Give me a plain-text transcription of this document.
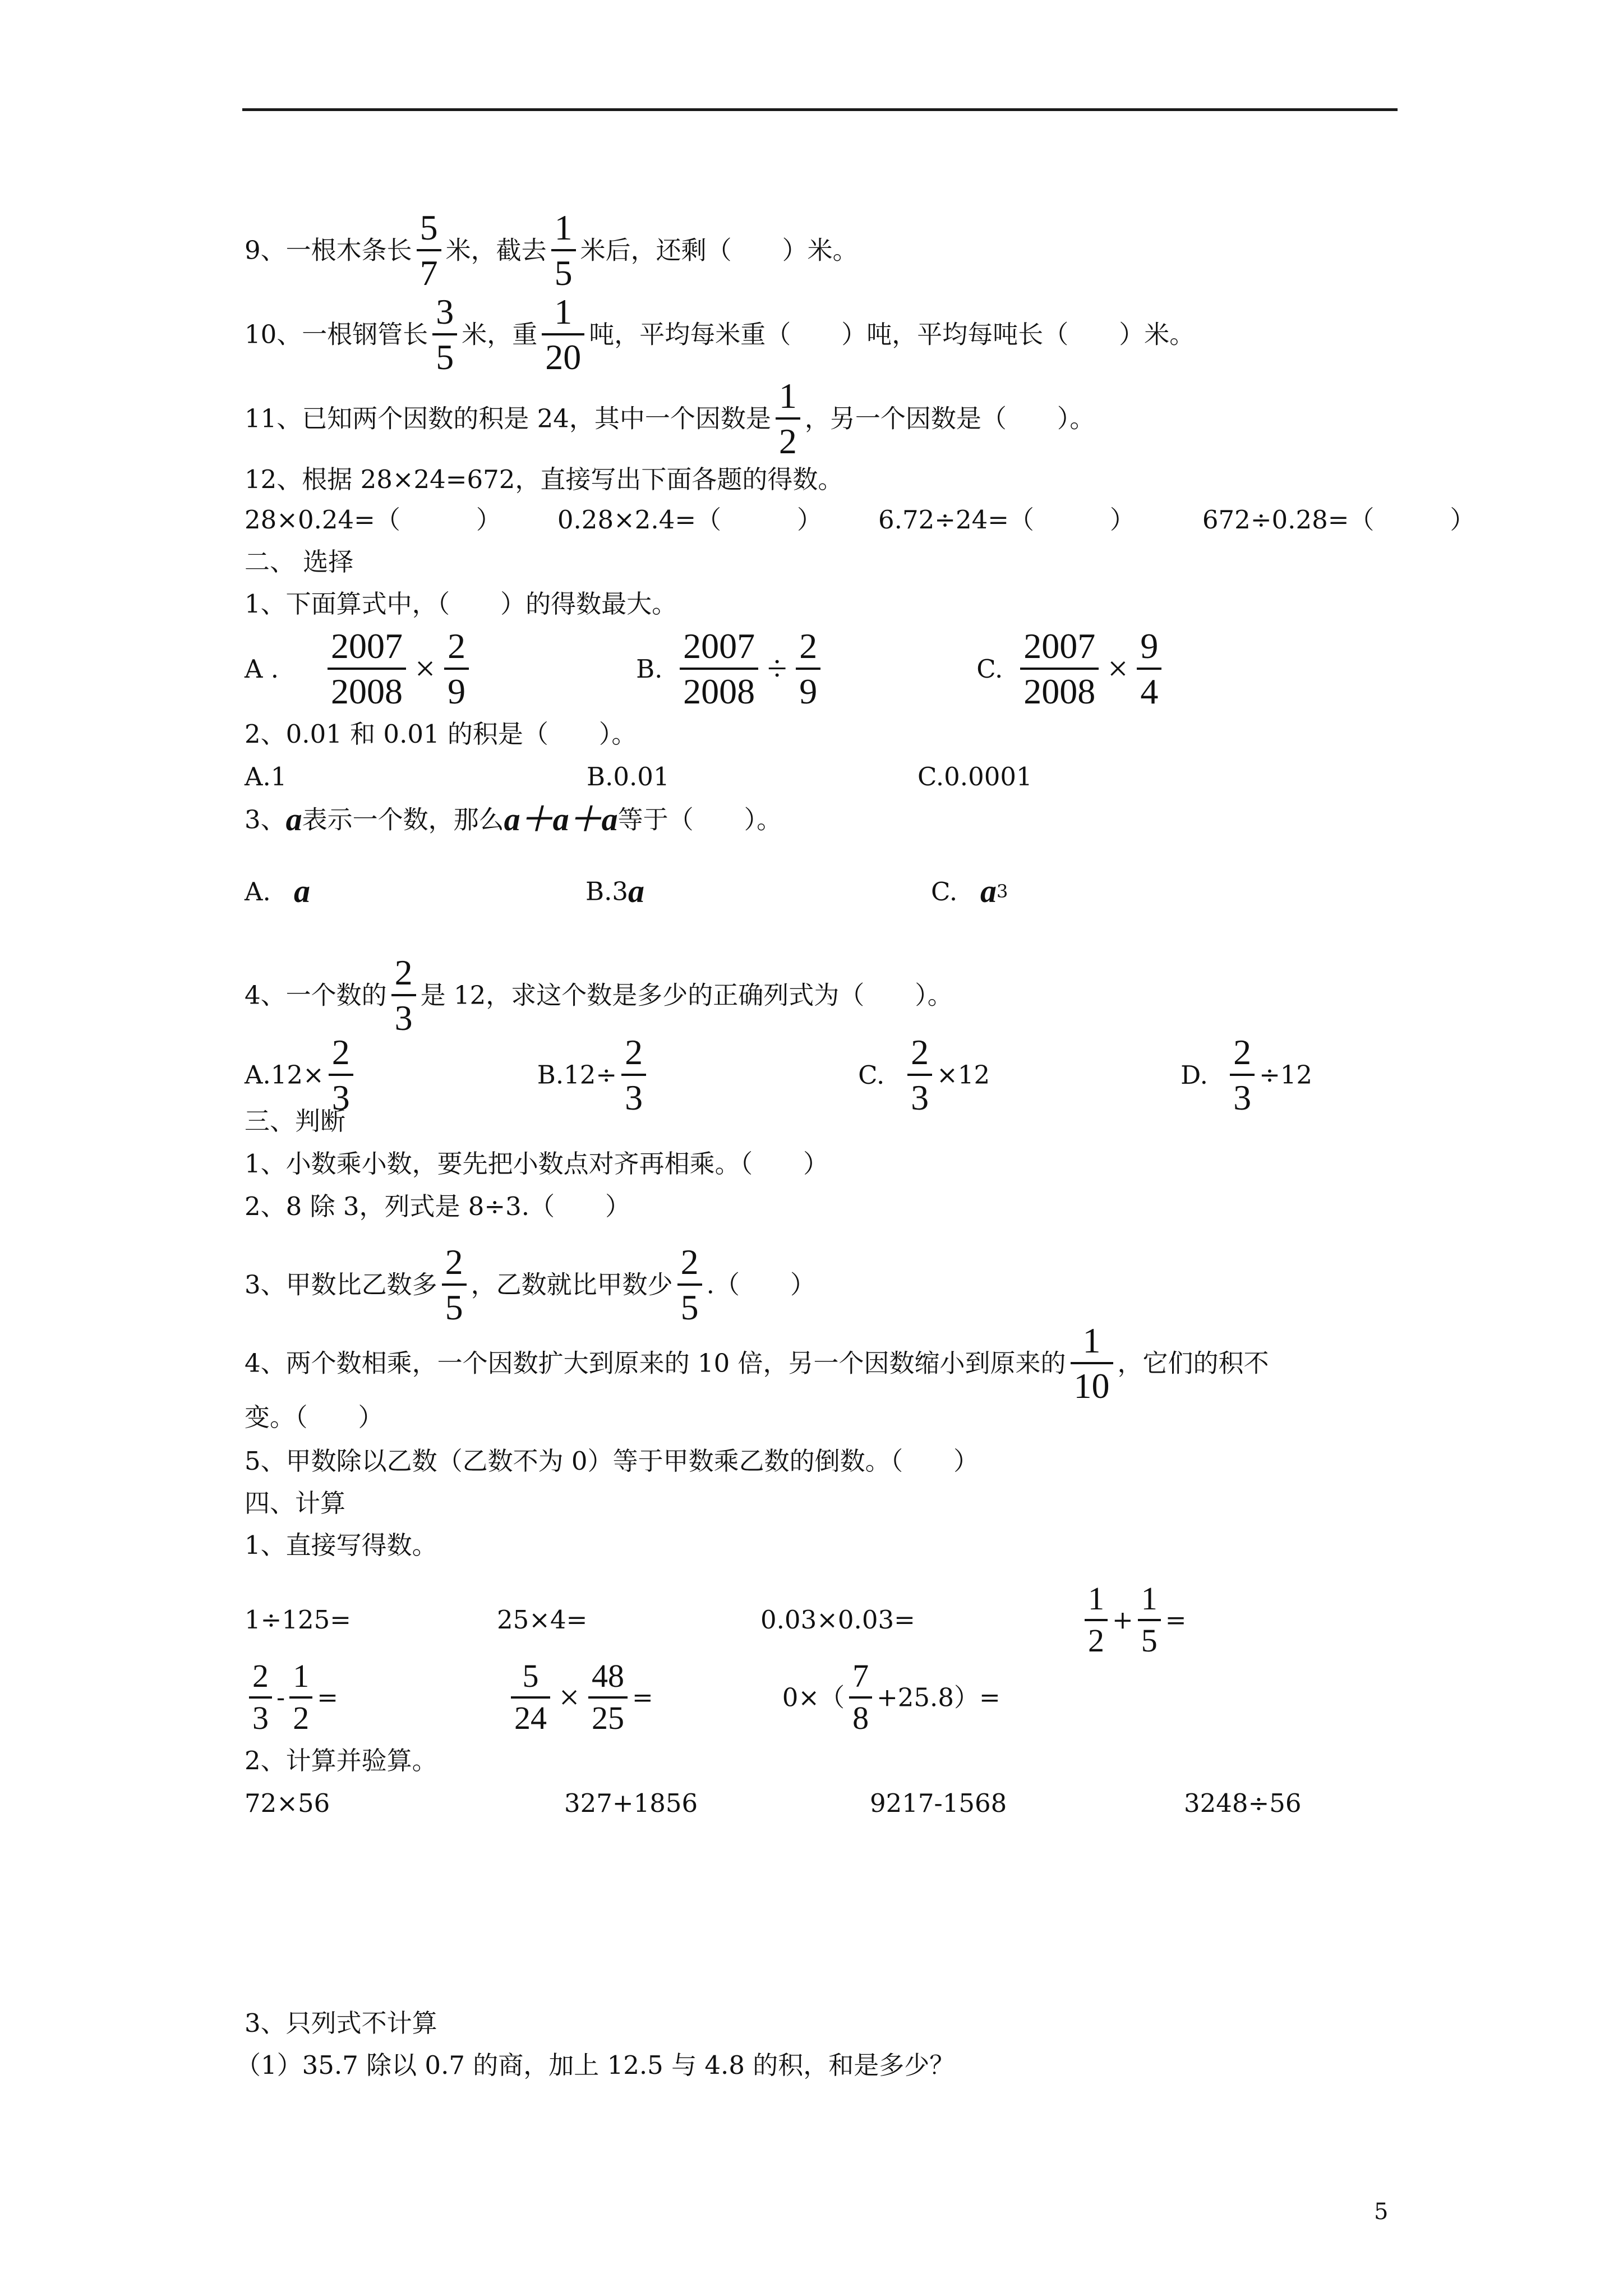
9、一根木条长 $\frac{5}{7}$ 米，截去 $\frac{1}{5}$ 米后，还剩（　　）米。
10、一根钢管长 $\frac{3}{5}$ 米，重 $\frac{1}{20}$ 吨，平均每米重（　　）吨，平均每吨长（　　）米。
11、已知两个因数的积是 24，其中一个因数是 $\frac{1}{2}$ ，另一个因数是（　　）。
12、根据 28×24=672，直接写出下面各题的得数。
28×0.24=（　　　） 0.28×2.4=（　　　） 6.72÷24=（　　　）	672÷0.28=（　　　）
二、 选择
1、下面算式中，（　　）的得数最大。
A . $\frac{2007}{2008} \times \frac{2}{9}$	B. $\frac{2007}{2008} \div \frac{2}{9}$	C. $\frac{2007}{2008} \times \frac{9}{4}$
2、0.01 和 0.01 的积是（　　）。
A.1	B.0.01	C.0.0001
3、a表示一个数，那么a＋a＋a等于（　　）。
A. a	B.3a	C. a3
4、一个数的 $\frac{2}{3}$ 是 12，求这个数是多少的正确列式为（　　）。
$A.12\times \frac{2}{3}$	$B.12\div \frac{2}{3}$	C. $\frac{2}{3} \times 12$	D. $\frac{2}{3} \div 12$
三、判断
1、小数乘小数，要先把小数点对齐再相乘。（　　）
2、8 除 3，列式是 8÷3.（　　）
3、甲数比乙数多 $\frac{2}{5}$ ，乙数就比甲数少 $\frac{2}{5}$ .（　　）
4、两个数相乘，一个因数扩大到原来的 10 倍，另一个因数缩小到原来的 $\frac{1}{10}$ ，它们的积不
变。（　　）
5、甲数除以乙数（乙数不为 0）等于甲数乘乙数的倒数。（　　）
四、计算
1、直接写得数。
1÷125=	25×4=	0.03×0.03=	$\frac{1}{2} + \frac{1}{5}$ =
$\frac{2}{3} - \frac{1}{2}$ =	$\frac{5}{24} \times \frac{48}{25}$ =	$0\times( \frac{7}{8} +25.8)=$
2、计算并验算。
72×56	327+1856	9217-1568	3248÷56
3、只列式不计算
（1）35.7 除以 0.7 的商，加上 12.5 与 4.8 的积，和是多少？
5
